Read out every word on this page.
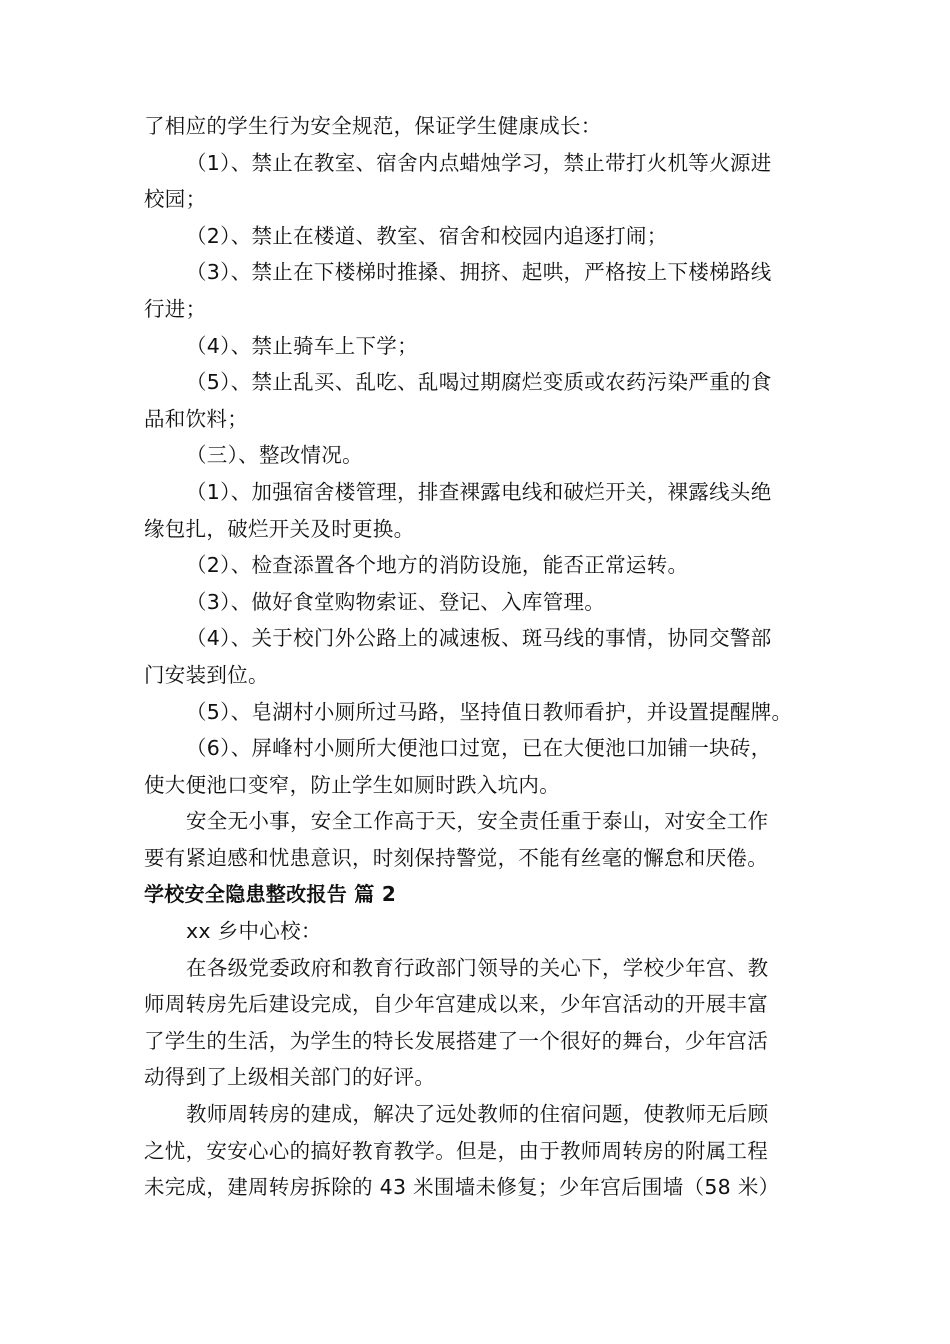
了相应的学生行为安全规范，保证学生健康成长：
（1）、禁止在教室、宿舍内点蜡烛学习，禁止带打火机等火源进
校园；
（2）、禁止在楼道、教室、宿舍和校园内追逐打闹；
（3）、禁止在下楼梯时推搡、拥挤、起哄，严格按上下楼梯路线
行进；
（4）、禁止骑车上下学；
（5）、禁止乱买、乱吃、乱喝过期腐烂变质或农药污染严重的食
品和饮料；
（三）、整改情况。
（1）、加强宿舍楼管理，排查裸露电线和破烂开关，裸露线头绝
缘包扎，破烂开关及时更换。
（2）、检查添置各个地方的消防设施，能否正常运转。
（3）、做好食堂购物索证、登记、入库管理。
（4）、关于校门外公路上的减速板、斑马线的事情，协同交警部
门安装到位。
（5）、皂湖村小厕所过马路，坚持值日教师看护，并设置提醒牌。
（6）、屏峰村小厕所大便池口过宽，已在大便池口加铺一块砖，
使大便池口变窄，防止学生如厕时跌入坑内。
安全无小事，安全工作高于天，安全责任重于泰山，对安全工作
要有紧迫感和忧患意识，时刻保持警觉，不能有丝毫的懈怠和厌倦。
学校安全隐患整改报告 篇 2
xx 乡中心校：
在各级党委政府和教育行政部门领导的关心下，学校少年宫、教
师周转房先后建设完成，自少年宫建成以来，少年宫活动的开展丰富
了学生的生活，为学生的特长发展搭建了一个很好的舞台，少年宫活
动得到了上级相关部门的好评。
教师周转房的建成，解决了远处教师的住宿问题，使教师无后顾
之忧，安安心心的搞好教育教学。但是，由于教师周转房的附属工程
未完成，建周转房拆除的 43 米围墙未修复；少年宫后围墙（58 米）
